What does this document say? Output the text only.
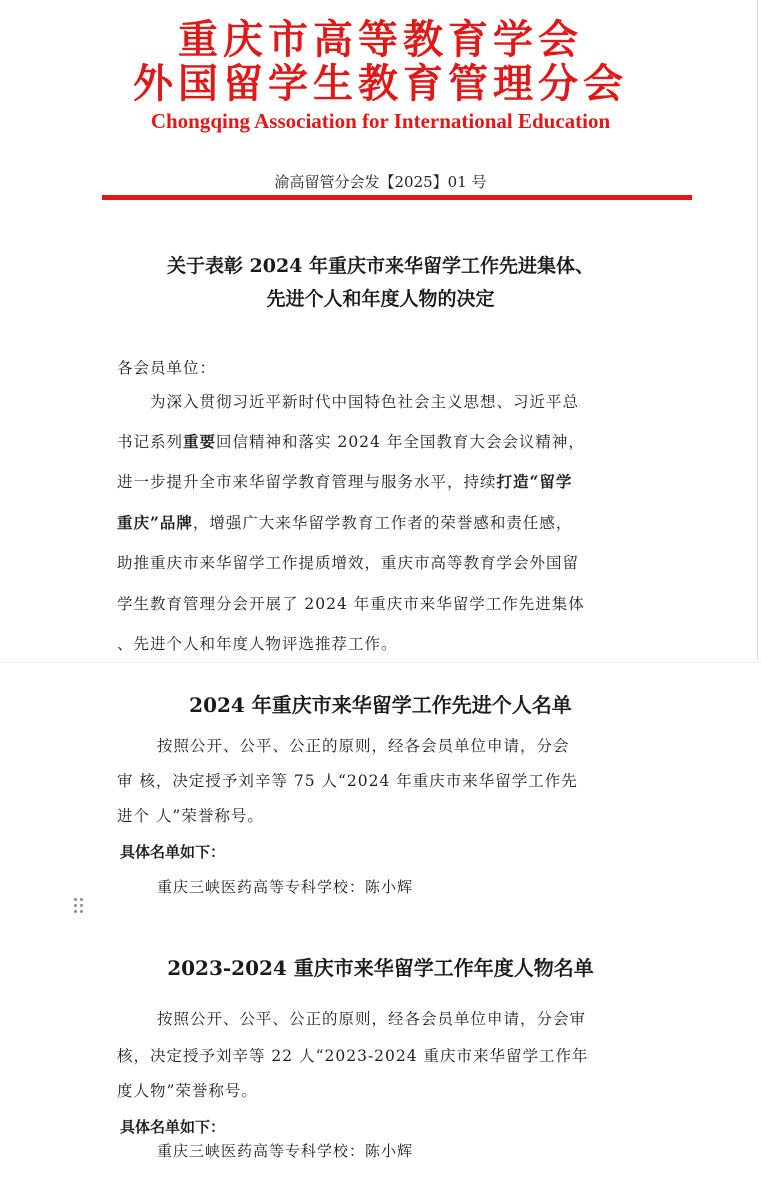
重庆市高等教育学会
外国留学生教育管理分会
Chongqing Association for International Education
渝高留管分会发【2025】01 号
关于表彰 2024 年重庆市来华留学工作先进集体、
先进个人和年度人物的决定
各会员单位：
为深入贯彻习近平新时代中国特色社会主义思想、习近平总
书记系列重要回信精神和落实 2024 年全国教育大会会议精神，
进一步提升全市来华留学教育管理与服务水平，持续打造“留学
重庆”品牌，增强广大来华留学教育工作者的荣誉感和责任感，
助推重庆市来华留学工作提质增效，重庆市高等教育学会外国留
学生教育管理分会开展了 2024 年重庆市来华留学工作先进集体
、先进个人和年度人物评选推荐工作。
2024 年重庆市来华留学工作先进个人名单
按照公开、公平、公正的原则，经各会员单位申请，分会
审 核，决定授予刘辛等 75 人“2024 年重庆市来华留学工作先
进个 人”荣誉称号。
具体名单如下：
重庆三峡医药高等专科学校：陈小辉
2023-2024 重庆市来华留学工作年度人物名单
按照公开、公平、公正的原则，经各会员单位申请，分会审
核，决定授予刘辛等 22 人“2023-2024 重庆市来华留学工作年
度人物”荣誉称号。
具体名单如下：
重庆三峡医药高等专科学校：陈小辉
